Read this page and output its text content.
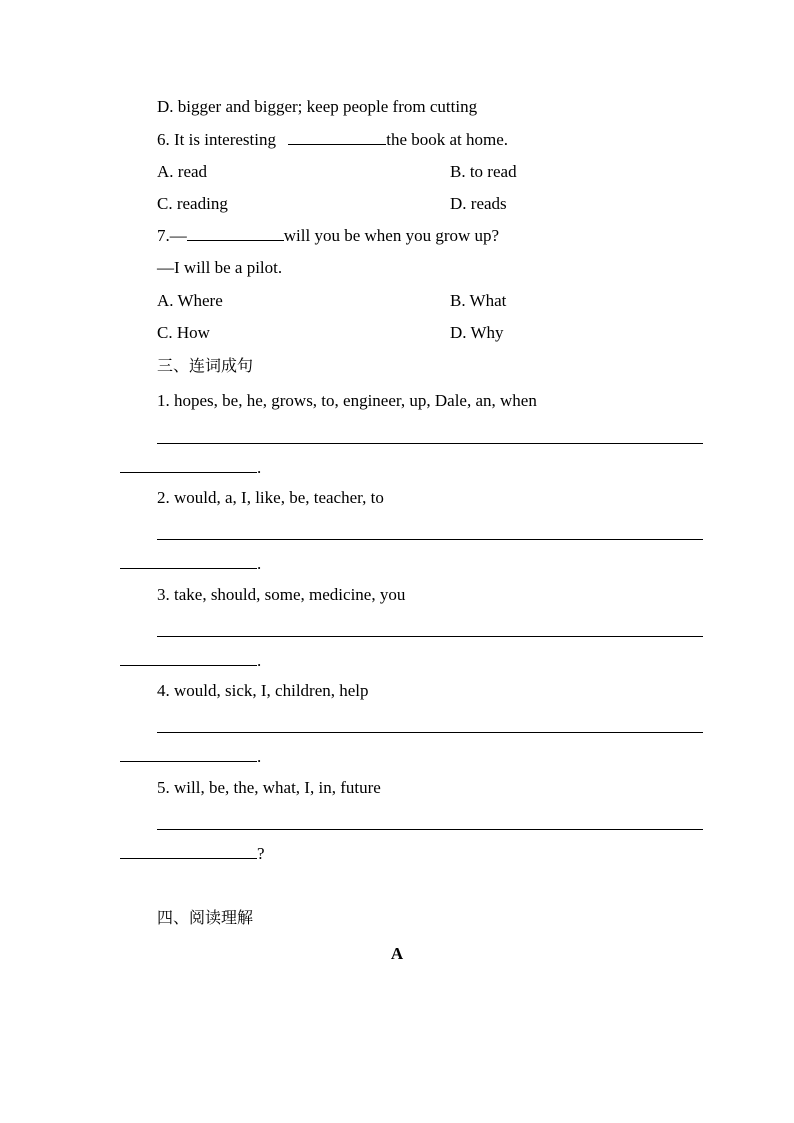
D. bigger and bigger; keep people from cutting
6. It is interesting	the book at home.
A. read	B. to read
C. reading	D. reads
7.—	will you be when you grow up?
—I will be a pilot.
A. Where	B. What
C. How	D. Why
三、连词成句
1. hopes, be, he, grows, to, engineer, up, Dale, an, when
.
2. would, a, I, like, be, teacher, to
.
3. take, should, some, medicine, you
.
4. would, sick, I, children, help
.
5. will, be, the, what, I, in, future
?
四、阅读理解
A
